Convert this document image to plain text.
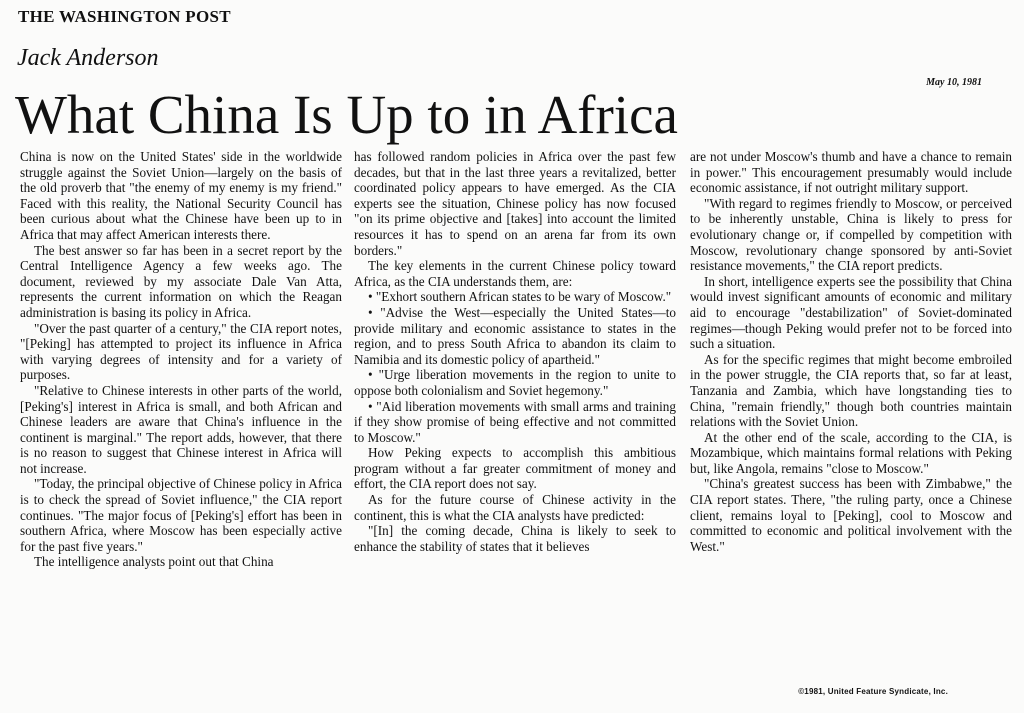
THE WASHINGTON POST
Jack Anderson
May 10, 1981
What China Is Up to in Africa

China is now on the United States' side in the worldwide struggle against the Soviet Union—largely on the basis of the old proverb that "the enemy of my enemy is my friend." Faced with this reality, the National Security Council has been curious about what the Chinese have been up to in Africa that may affect American interests there.

The best answer so far has been in a secret report by the Central Intelligence Agency a few weeks ago. The document, reviewed by my associate Dale Van Atta, represents the current information on which the Reagan administration is basing its policy in Africa.

"Over the past quarter of a century," the CIA report notes, "[Peking] has attempted to project its influence in Africa with varying degrees of intensity and for a variety of purposes.

"Relative to Chinese interests in other parts of the world, [Peking's] interest in Africa is small, and both African and Chinese leaders are aware that China's influence in the continent is marginal." The report adds, however, that there is no reason to suggest that Chinese interest in Africa will not increase.

"Today, the principal objective of Chinese policy in Africa is to check the spread of Soviet influence," the CIA report continues. "The major focus of [Peking's] effort has been in southern Africa, where Moscow has been especially active for the past five years."

The intelligence analysts point out that China

has followed random policies in Africa over the past few decades, but that in the last three years a revitalized, better coordinated policy appears to have emerged. As the CIA experts see the situation, Chinese policy has now focused "on its prime objective and [takes] into account the limited resources it has to spend on an arena far from its own borders."

The key elements in the current Chinese policy toward Africa, as the CIA understands them, are:

• "Exhort southern African states to be wary of Moscow."

• "Advise the West—especially the United States—to provide military and economic assistance to states in the region, and to press South Africa to abandon its claim to Namibia and its domestic policy of apartheid."

• "Urge liberation movements in the region to unite to oppose both colonialism and Soviet hegemony."

• "Aid liberation movements with small arms and training if they show promise of being effective and not committed to Moscow."

How Peking expects to accomplish this ambitious program without a far greater commitment of money and effort, the CIA report does not say.

As for the future course of Chinese activity in the continent, this is what the CIA analysts have predicted:

"[In] the coming decade, China is likely to seek to enhance the stability of states that it believes

are not under Moscow's thumb and have a chance to remain in power." This encouragement presumably would include economic assistance, if not outright military support.

"With regard to regimes friendly to Moscow, or perceived to be inherently unstable, China is likely to press for evolutionary change or, if compelled by competition with Moscow, revolutionary change sponsored by anti-Soviet resistance movements," the CIA report predicts.

In short, intelligence experts see the possibility that China would invest significant amounts of economic and military aid to encourage "destabilization" of Soviet-dominated regimes—though Peking would prefer not to be forced into such a situation.

As for the specific regimes that might become embroiled in the power struggle, the CIA reports that, so far at least, Tanzania and Zambia, which have longstanding ties to China, "remain friendly," though both countries maintain relations with the Soviet Union.

At the other end of the scale, according to the CIA, is Mozambique, which maintains formal relations with Peking but, like Angola, remains "close to Moscow."

"China's greatest success has been with Zimbabwe," the CIA report states. There, "the ruling party, once a Chinese client, remains loyal to [Peking], cool to Moscow and committed to economic and political involvement with the West."

©1981, United Feature Syndicate, Inc.
